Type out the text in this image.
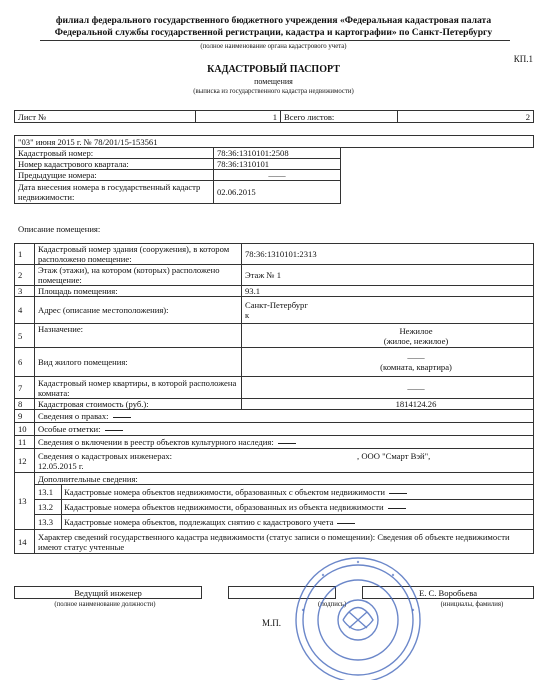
филиал федерального государственного бюджетного учреждения «Федеральная кадастровая палата
Федеральной службы государственной регистрации, кадастра и картографии» по Санкт-Петербургу
(полное наименование органа кадастрового учета)
КП.1
КАДАСТРОВЫЙ ПАСПОРТ
помещения
(выписка из государственного кадастра недвижимости)
Лист №	1	Всего листов:	2
"03" июня 2015 г. № 78/201/15-153561		
Кадастровый номер:	78:36:1310101:2508	
Номер кадастрового квартала:	78:36:1310101	
Предыдущие номера:	——	
Дата внесения номера в государственный кадастр недвижимости:	02.06.2015	
Описание помещения:
1	Кадастровый номер здания (сооружения), в котором расположено помещение:	78:36:1310101:2313
2	Этаж (этажи), на котором (которых) расположено помещение:	Этаж № 1
3	Площадь помещения:	93.1
4	Адрес (описание местоположения):	Санкт-Петербург
к

5	Назначение:	Нежилое
(жилое, нежилое)

6	Вид жилого помещения:	——
(комната, квартира)

7	Кадастровый номер квартиры, в которой расположена комната:	——
8	Кадастровая стоимость (руб.):	1814124.26
9	Сведения о правах:	
10	Особые отметки:	
11	Сведения о включении в реестр объектов культурного наследия:	
12	Сведения о кадастровых инженерах: , ООО "Смарт Вэй",
12.05.2015 г.	

13	Дополнительные сведения:	
	13.1 Кадастровые номера объектов недвижимости, образованных с объектом недвижимости	
	13.2 Кадастровые номера объектов недвижимости, образованных из объекта недвижимости	
	13.3 Кадастровые номера объектов, подлежащих снятию с кадастрового учета	
14	Характер сведений государственного кадастра недвижимости (статус записи о помещении): Сведения об объекте недвижимости имеют статус учтенные	
Ведущий инженер				Е. С. Воробьева
(полное наименование должности)	(подпись)	(инициалы, фамилия)
М.П.
